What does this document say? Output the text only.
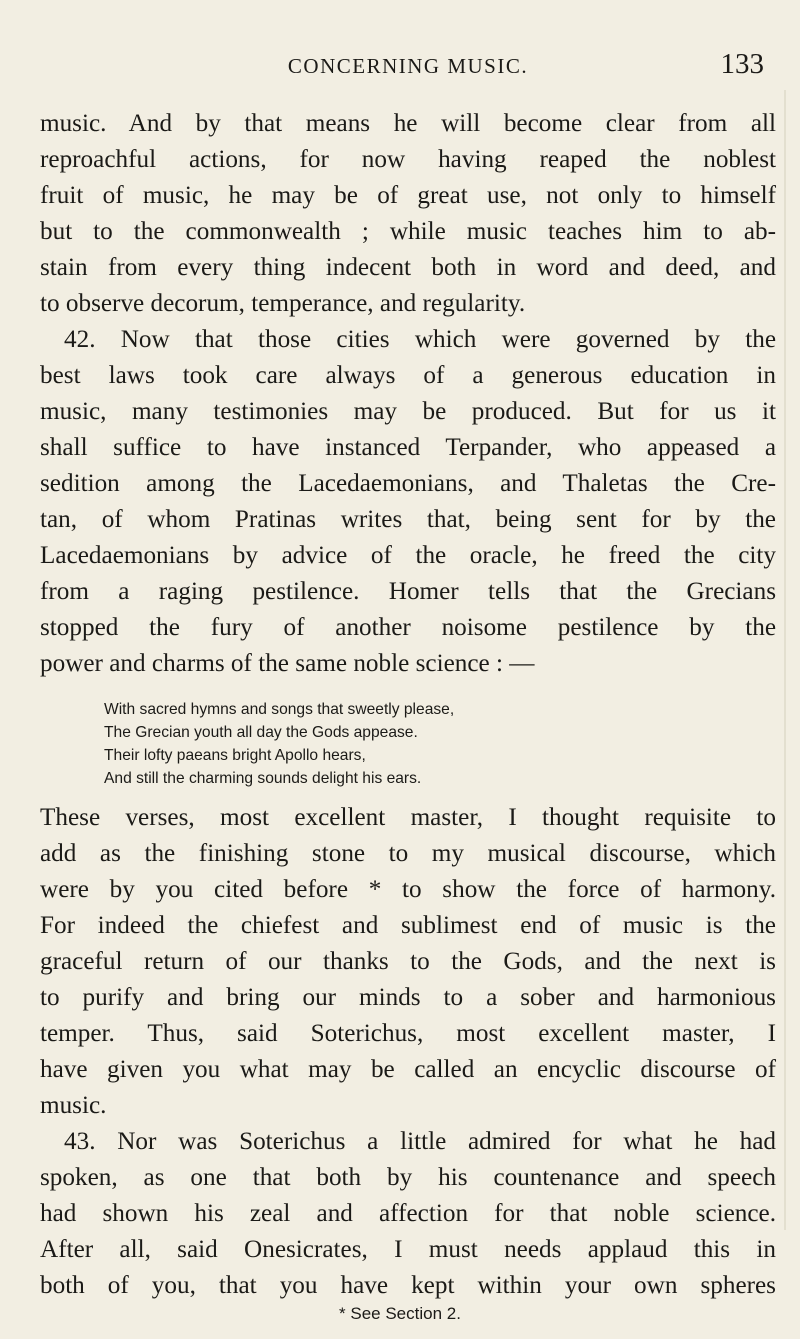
CONCERNING MUSIC.	133
music. And by that means he will become clear from all
reproachful actions, for now having reaped the noblest
fruit of music, he may be of great use, not only to himself
but to the commonwealth ; while music teaches him to ab-
stain from every thing indecent both in word and deed, and
to observe decorum, temperance, and regularity.
42. Now that those cities which were governed by the
best laws took care always of a generous education in
music, many testimonies may be produced. But for us it
shall suffice to have instanced Terpander, who appeased a
sedition among the Lacedaemonians, and Thaletas the Cre-
tan, of whom Pratinas writes that, being sent for by the
Lacedaemonians by advice of the oracle, he freed the city
from a raging pestilence. Homer tells that the Grecians
stopped the fury of another noisome pestilence by the
power and charms of the same noble science : —
With sacred hymns and songs that sweetly please,
The Grecian youth all day the Gods appease.
Their lofty paeans bright Apollo hears,
And still the charming sounds delight his ears.
These verses, most excellent master, I thought requisite to
add as the finishing stone to my musical discourse, which
were by you cited before * to show the force of harmony.
For indeed the chiefest and sublimest end of music is the
graceful return of our thanks to the Gods, and the next is
to purify and bring our minds to a sober and harmonious
temper. Thus, said Soterichus, most excellent master, I
have given you what may be called an encyclic discourse of
music.
43. Nor was Soterichus a little admired for what he had
spoken, as one that both by his countenance and speech
had shown his zeal and affection for that noble science.
After all, said Onesicrates, I must needs applaud this in
both of you, that you have kept within your own spheres
* See Section 2.
